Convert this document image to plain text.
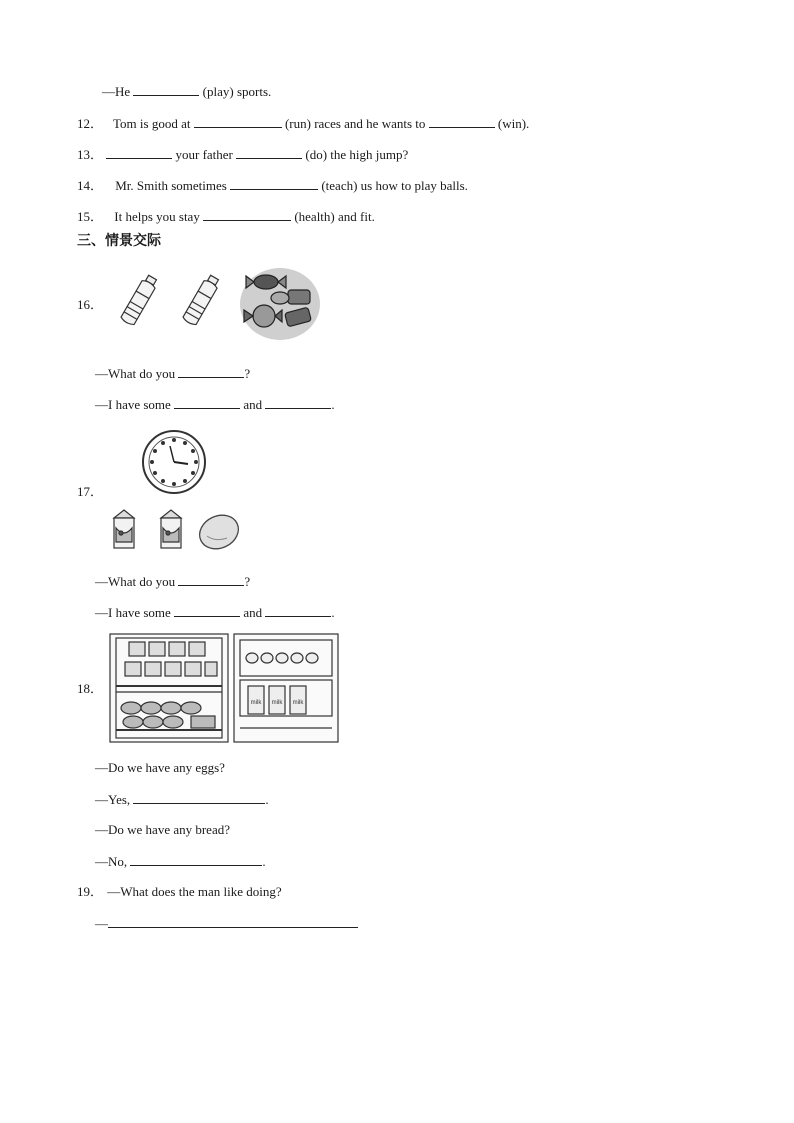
—He	(play) sports.
12． Tom is good at	(run) races and he wants to	(win).
13．	your father	(do) the high jump?
14． Mr. Smith sometimes	(teach) us how to play balls.
15． It helps you stay	(health) and fit.
三、情景交际
16．
—What do you	?
—I have some	and	.
17．
—What do you	?
—I have some	and	.
18．
milk milk milk
—Do we have any eggs?
—Yes,	.
—Do we have any bread?
—No,	.
19． —What does the man like doing?
—
